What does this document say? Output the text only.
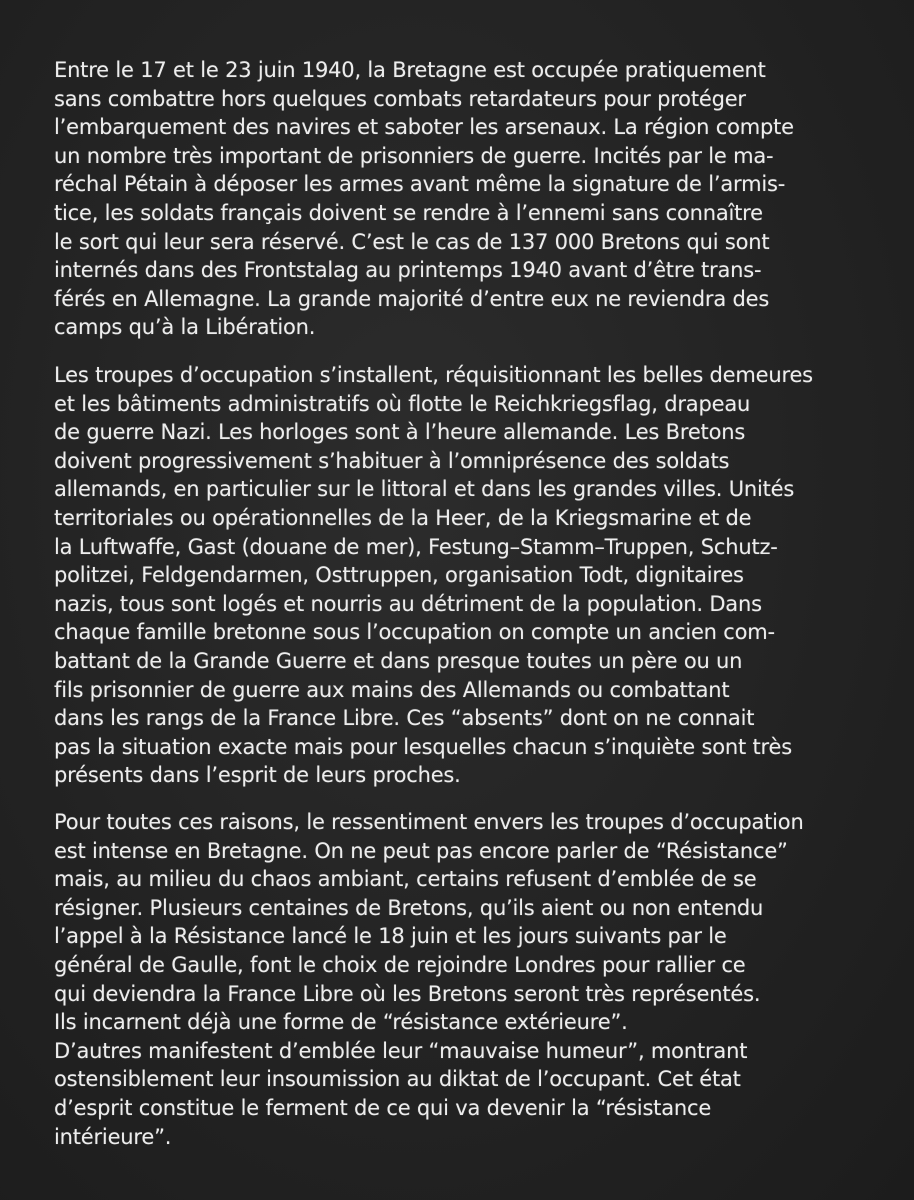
Entre le 17 et le 23 juin 1940, la Bretagne est occupée pratiquement
sans combattre hors quelques combats retardateurs pour protéger
l’embarquement des navires et saboter les arsenaux. La région compte
un nombre très important de prisonniers de guerre. Incités par le ma-
réchal Pétain à déposer les armes avant même la signature de l’armis-
tice, les soldats français doivent se rendre à l’ennemi sans connaître
le sort qui leur sera réservé. C’est le cas de 137 000 Bretons qui sont
internés dans des Frontstalag au printemps 1940 avant d’être trans-
férés en Allemagne. La grande majorité d’entre eux ne reviendra des
camps qu’à la Libération.
Les troupes d’occupation s’installent, réquisitionnant les belles demeures
et les bâtiments administratifs où flotte le Reichkriegsflag, drapeau
de guerre Nazi. Les horloges sont à l’heure allemande. Les Bretons
doivent progressivement s’habituer à l’omniprésence des soldats
allemands, en particulier sur le littoral et dans les grandes villes. Unités
territoriales ou opérationnelles de la Heer, de la Kriegsmarine et de
la Luftwaffe, Gast (douane de mer), Festung–Stamm–Truppen, Schutz-
politzei, Feldgendarmen, Osttruppen, organisation Todt, dignitaires
nazis, tous sont logés et nourris au détriment de la population. Dans
chaque famille bretonne sous l’occupation on compte un ancien com-
battant de la Grande Guerre et dans presque toutes un père ou un
fils prisonnier de guerre aux mains des Allemands ou combattant
dans les rangs de la France Libre. Ces “absents” dont on ne connait
pas la situation exacte mais pour lesquelles chacun s’inquiète sont très
présents dans l’esprit de leurs proches.
Pour toutes ces raisons, le ressentiment envers les troupes d’occupation
est intense en Bretagne. On ne peut pas encore parler de “Résistance”
mais, au milieu du chaos ambiant, certains refusent d’emblée de se
résigner. Plusieurs centaines de Bretons, qu’ils aient ou non entendu
l’appel à la Résistance lancé le 18 juin et les jours suivants par le
général de Gaulle, font le choix de rejoindre Londres pour rallier ce
qui deviendra la France Libre où les Bretons seront très représentés.
Ils incarnent déjà une forme de “résistance extérieure”.
D’autres manifestent d’emblée leur “mauvaise humeur”, montrant
ostensiblement leur insoumission au diktat de l’occupant. Cet état
d’esprit constitue le ferment de ce qui va devenir la “résistance
intérieure”.
